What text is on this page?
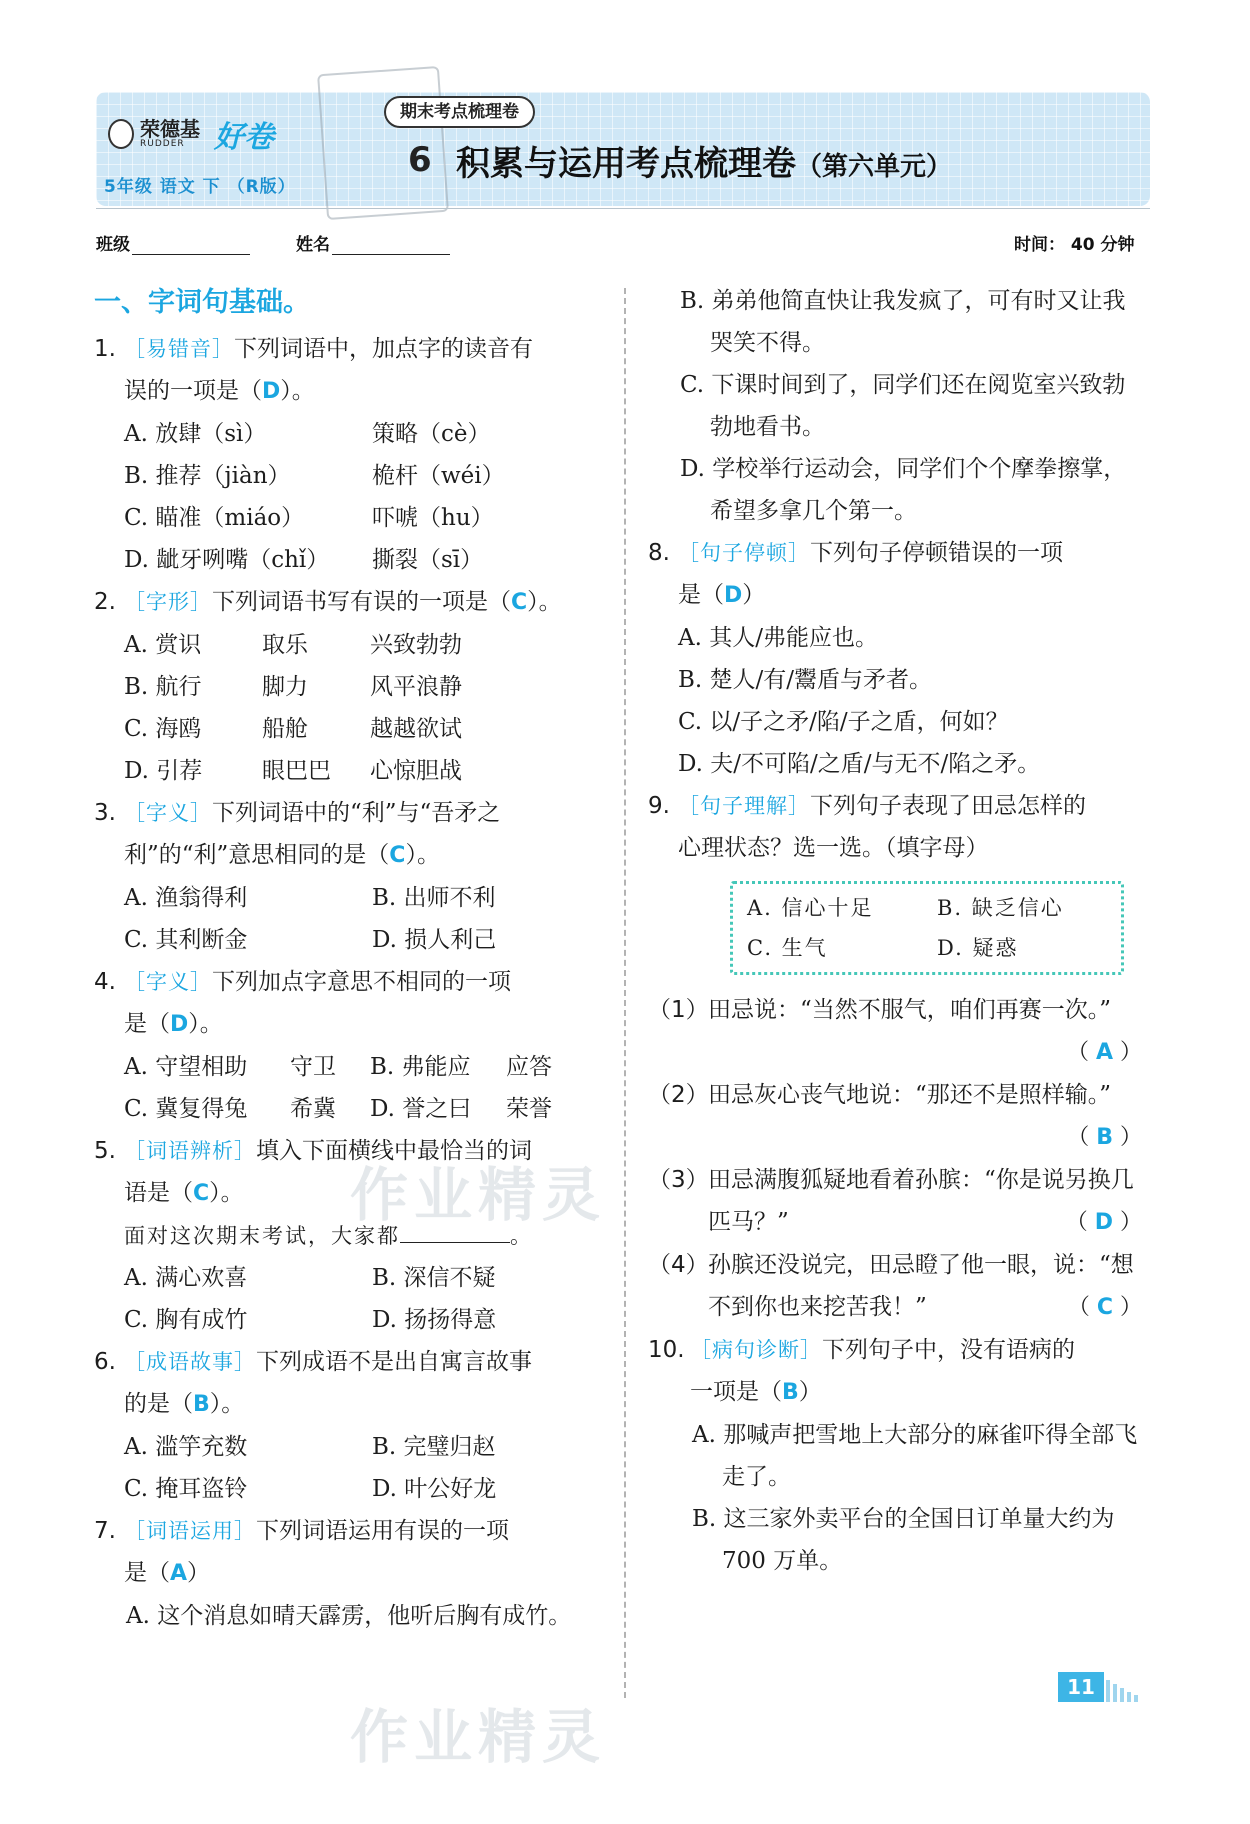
荣德基
RUDDER 好卷
5年级 语文 下 （R版）
期末考点梳理卷
6 积累与运用考点梳理卷（第六单元）
班级	姓名	时间： 40 分钟
一、字词句基础。
1. ［易错音］下列词语中，加点字的读音有
误的一项是（D）。
A. 放肆（sì）	策略（cè）
B. 推荐（jiàn）	桅杆（wéi）
C. 瞄准（miáo）	吓唬（hu）
D. 龇牙咧嘴（chǐ）	撕裂（sī）
2. ［字形］下列词语书写有误的一项是（C）。
A. 赏识	取乐	兴致勃勃
B. 航行	脚力	风平浪静
C. 海鸥	船舱	越越欲试
D. 引荐	眼巴巴	心惊胆战
3. ［字义］下列词语中的“利”与“吾矛之
利”的“利”意思相同的是（C）。
A. 渔翁得利	B. 出师不利
C. 其利断金	D. 损人利己
4. ［字义］下列加点字意思不相同的一项
是（D）。
A. 守望相助	守卫	B. 弗能应	应答
C. 冀复得兔	希冀	D. 誉之曰	荣誉
5. ［词语辨析］填入下面横线中最恰当的词
语是（C）。
面对这次期末考试，大家都	。
A. 满心欢喜	B. 深信不疑
C. 胸有成竹	D. 扬扬得意
6. ［成语故事］下列成语不是出自寓言故事
的是（B）。
A. 滥竽充数	B. 完璧归赵
C. 掩耳盗铃	D. 叶公好龙
7. ［词语运用］下列词语运用有误的一项
是（A）
A. 这个消息如晴天霹雳，他听后胸有成竹。
B. 弟弟他简直快让我发疯了，可有时又让我哭笑不得。
C. 下课时间到了，同学们还在阅览室兴致勃勃地看书。
D. 学校举行运动会，同学们个个摩拳擦掌，希望多拿几个第一。
8. ［句子停顿］下列句子停顿错误的一项
是（D）
A. 其人/弗能应也。
B. 楚人/有/鬻盾与矛者。
C. 以/子之矛/陷/子之盾，何如？
D. 夫/不可陷/之盾/与无不/陷之矛。
9. ［句子理解］下列句子表现了田忌怎样的
心理状态？选一选。（填字母）
A. 信心十足	B. 缺乏信心
C. 生气	D. 疑惑
（1） 田忌说：“当然不服气，咱们再赛一次。”
（ A ）
（2） 田忌灰心丧气地说：“那还不是照样输。”
（ B ）
（3） 田忌满腹狐疑地看着孙膑：“你是说另换几匹马？”	（ D ）
（4） 孙膑还没说完，田忌瞪了他一眼，说：“想不到你也来挖苦我！”	（ C ）
10. ［病句诊断］下列句子中，没有语病的
一项是（B）
A. 那喊声把雪地上大部分的麻雀吓得全部飞走了。
B. 这三家外卖平台的全国日订单量大约为 700 万单。
作业精灵
作业精灵
11
